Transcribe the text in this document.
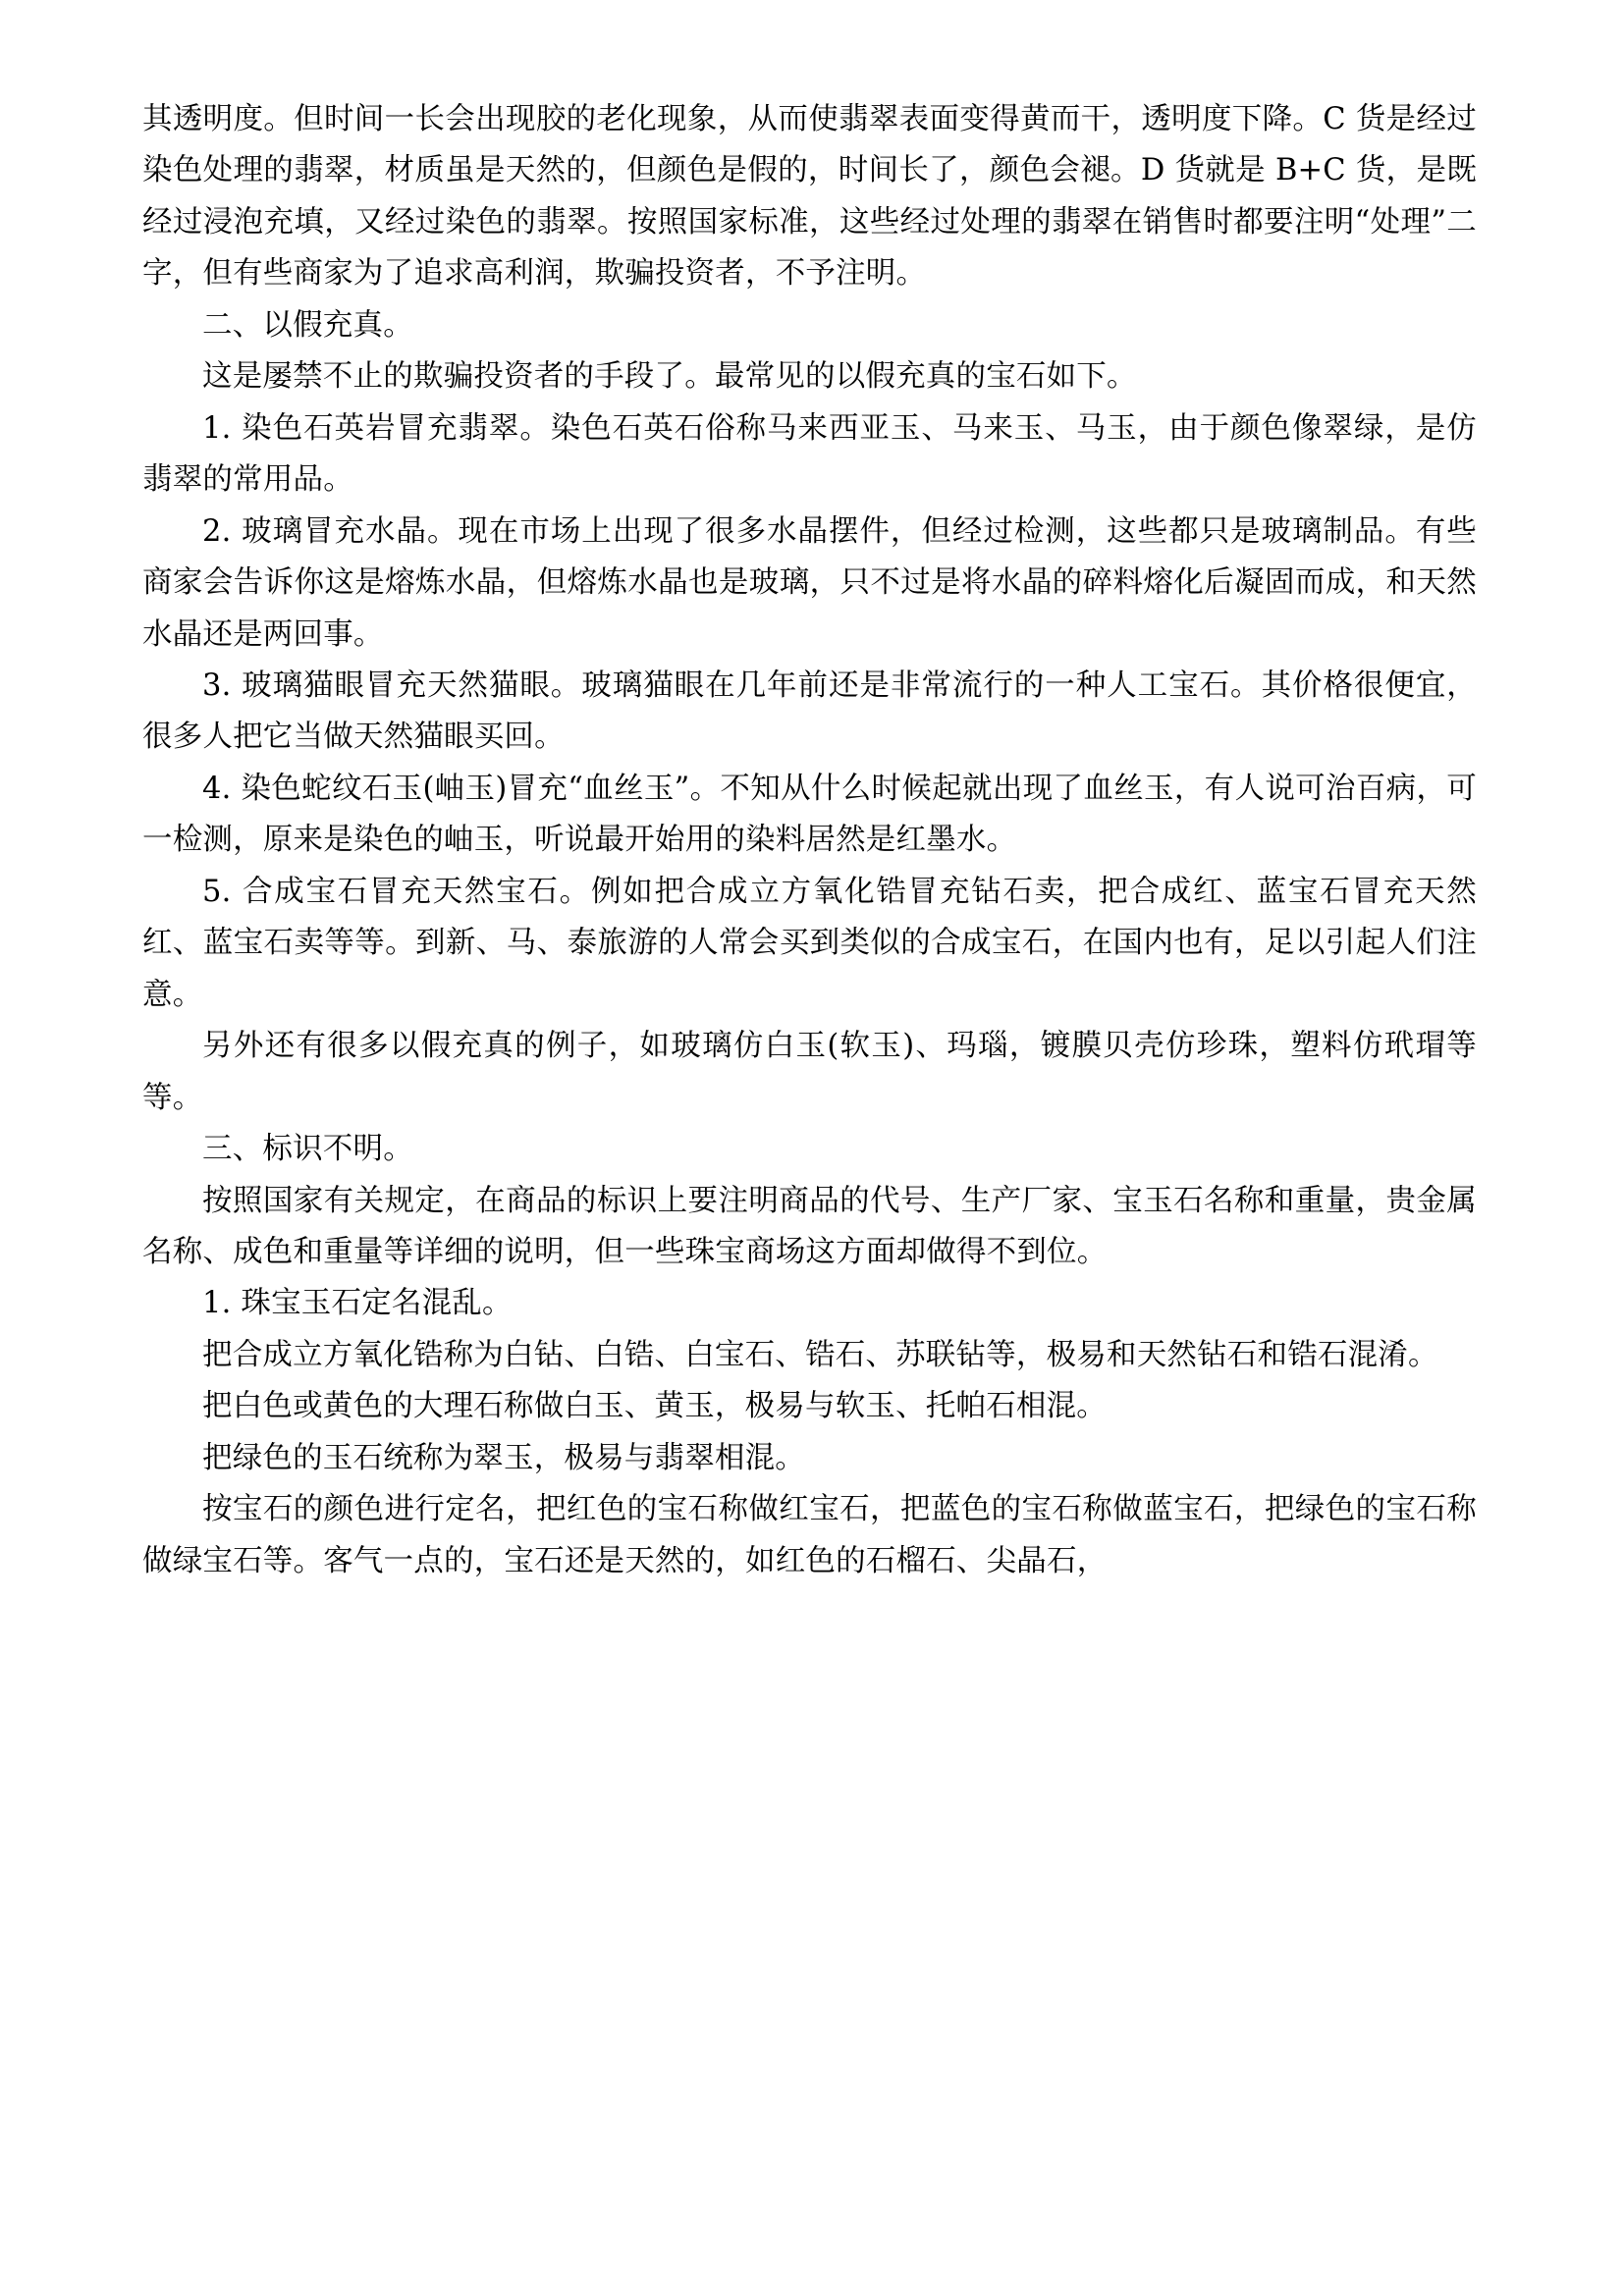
其透明度。但时间一长会出现胶的老化现象，从而使翡翠表面变得黄而干，透明度下降。C 货是经过染色处理的翡翠，材质虽是天然的，但颜色是假的，时间长了，颜色会褪。D 货就是 B+C 货，是既经过浸泡充填，又经过染色的翡翠。按照国家标准，这些经过处理的翡翠在销售时都要注明“处理”二字，但有些商家为了追求高利润，欺骗投资者，不予注明。

二、以假充真。

这是屡禁不止的欺骗投资者的手段了。最常见的以假充真的宝石如下。

1. 染色石英岩冒充翡翠。染色石英石俗称马来西亚玉、马来玉、马玉，由于颜色像翠绿，是仿翡翠的常用品。

2. 玻璃冒充水晶。现在市场上出现了很多水晶摆件，但经过检测，这些都只是玻璃制品。有些商家会告诉你这是熔炼水晶，但熔炼水晶也是玻璃，只不过是将水晶的碎料熔化后凝固而成，和天然水晶还是两回事。

3. 玻璃猫眼冒充天然猫眼。玻璃猫眼在几年前还是非常流行的一种人工宝石。其价格很便宜，很多人把它当做天然猫眼买回。

4. 染色蛇纹石玉(岫玉)冒充“血丝玉”。不知从什么时候起就出现了血丝玉，有人说可治百病，可一检测，原来是染色的岫玉，听说最开始用的染料居然是红墨水。

5. 合成宝石冒充天然宝石。例如把合成立方氧化锆冒充钻石卖，把合成红、蓝宝石冒充天然红、蓝宝石卖等等。到新、马、泰旅游的人常会买到类似的合成宝石，在国内也有，足以引起人们注意。

另外还有很多以假充真的例子，如玻璃仿白玉(软玉)、玛瑙，镀膜贝壳仿珍珠，塑料仿玳瑁等等。

三、标识不明。

按照国家有关规定，在商品的标识上要注明商品的代号、生产厂家、宝玉石名称和重量，贵金属名称、成色和重量等详细的说明，但一些珠宝商场这方面却做得不到位。

1. 珠宝玉石定名混乱。

把合成立方氧化锆称为白钻、白锆、白宝石、锆石、苏联钻等，极易和天然钻石和锆石混淆。

把白色或黄色的大理石称做白玉、黄玉，极易与软玉、托帕石相混。

把绿色的玉石统称为翠玉，极易与翡翠相混。

按宝石的颜色进行定名，把红色的宝石称做红宝石，把蓝色的宝石称做蓝宝石，把绿色的宝石称做绿宝石等。客气一点的，宝石还是天然的，如红色的石榴石、尖晶石，
